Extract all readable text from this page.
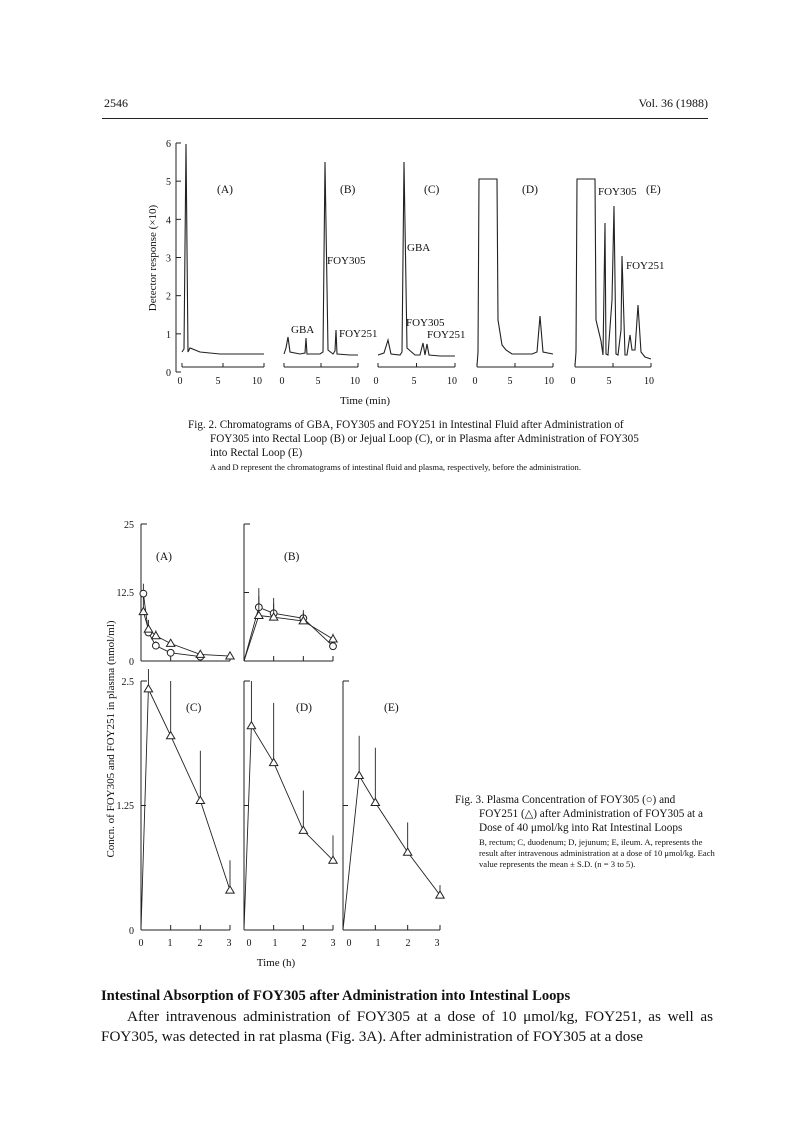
2546	Vol. 36 (1988)
0
1
2
3
4
5
6
Detector response (×10)
0	5	10 0	5	10 0	5	10 0	5	10 0	5	10
Time (min)
(A)	(B)	(C)	(D)	(E)
GBA
FOY305
FOY251
GBA
FOY305
FOY251
FOY305
FOY251
Fig. 2. Chromatograms of GBA, FOY305 and FOY251 in Intestinal Fluid after Administration of FOY305 into Rectal Loop (B) or Jejual Loop (C), or in Plasma after Administration of FOY305 into Rectal Loop (E)
A and D represent the chromatograms of intestinal fluid and plasma, respectively, before the administration.
Concn. of FOY305 and FOY251 in plasma (nmol/ml) 0
12.5
25
0
1.25
2.5
0 1	2 3 0 1 2 3 0 1	2 3
Time (h)
(A)	(B)
(C)	(D)	(E)
Fig. 3. Plasma Concentration of FOY305 (○) and FOY251 (△) after Administration of FOY305 at a Dose of 40 μmol/kg into Rat Intestinal Loops
B, rectum; C, duodenum; D, jejunum; E, ileum. A, represents the result after intravenous administration at a dose of 10 μmol/kg. Each value represents the mean ± S.D. (n = 3 to 5).
Intestinal Absorption of FOY305 after Administration into Intestinal Loops
After intravenous administration of FOY305 at a dose of 10 μmol/kg, FOY251, as well as FOY305, was detected in rat plasma (Fig. 3A). After administration of FOY305 at a dose
